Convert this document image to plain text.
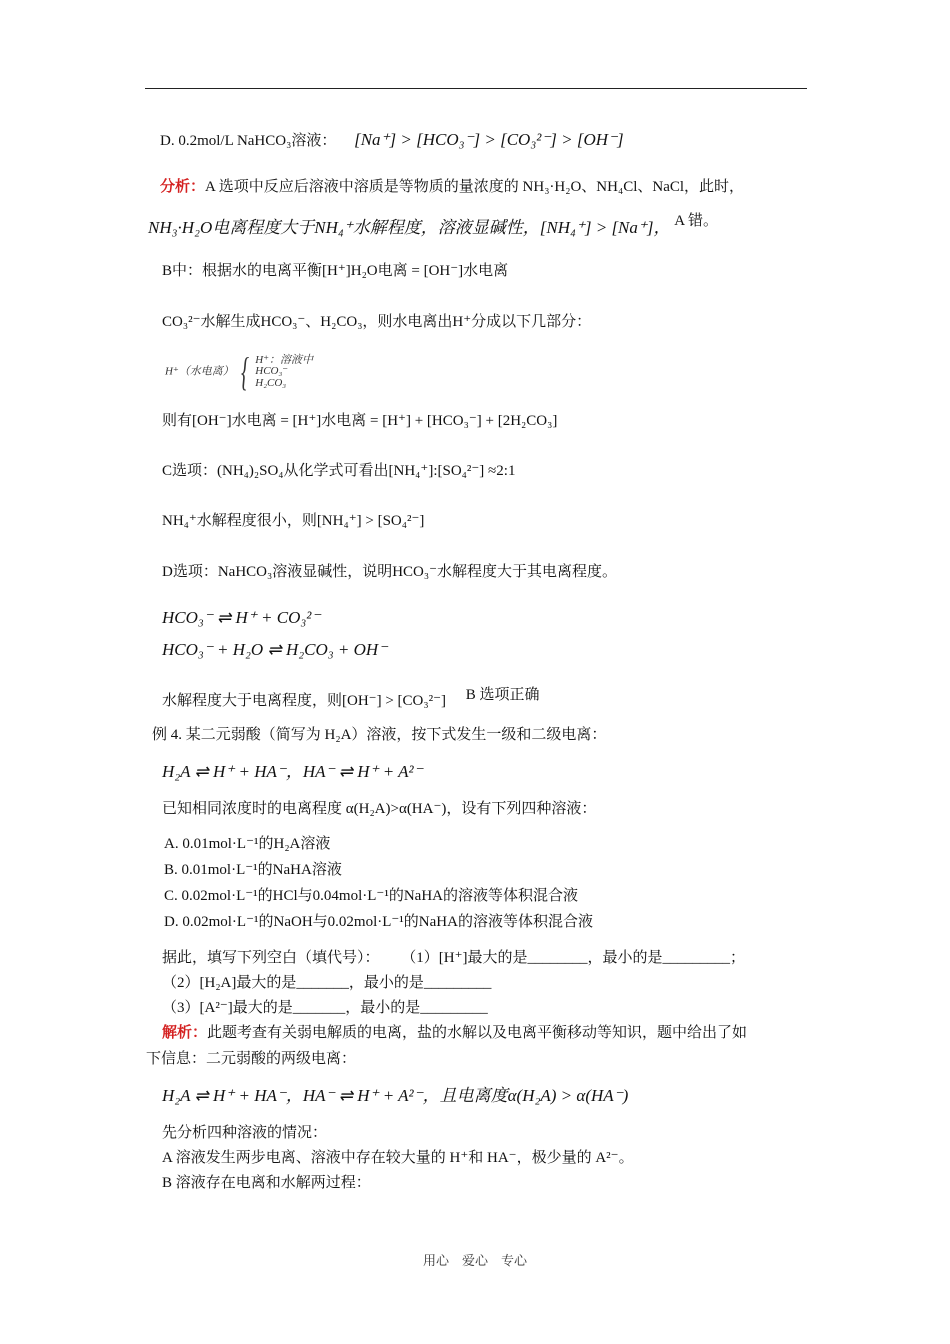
D. 0.2mol/L NaHCO₃溶液： [Na⁺] > [HCO₃⁻] > [CO₃²⁻] > [OH⁻]
分析：A 选项中反应后溶液中溶质是等物质的量浓度的 NH₃·H₂O、NH₄Cl、NaCl，此时，
NH₃·H₂O电离程度大于NH₄⁺水解程度，溶液显碱性，[NH₄⁺] > [Na⁺]， A 错。
B中：根据水的电离平衡[H⁺]H₂O电离 = [OH⁻]水电离
CO₃²⁻水解生成HCO₃⁻、H₂CO₃，则水电离出H⁺分成以下几部分：
H⁺（水电离） { H⁺：溶液中
HCO₃⁻
H₂CO₃
则有[OH⁻]水电离 = [H⁺]水电离 = [H⁺] + [HCO₃⁻] + [2H₂CO₃]
C选项：(NH₄)₂SO₄从化学式可看出[NH₄⁺]:[SO₄²⁻] ≈2:1
NH₄⁺水解程度很小，则[NH₄⁺] > [SO₄²⁻]
D选项：NaHCO₃溶液显碱性，说明HCO₃⁻水解程度大于其电离程度。
HCO₃⁻ ⇌ H⁺ + CO₃²⁻
HCO₃⁻ + H₂O ⇌ H₂CO₃ + OH⁻
水解程度大于电离程度，则[OH⁻] > [CO₃²⁻] B 选项正确
例 4. 某二元弱酸（简写为 H₂A）溶液，按下式发生一级和二级电离：
H₂A ⇌ H⁺ + HA⁻，HA⁻ ⇌ H⁺ + A²⁻
已知相同浓度时的电离程度 α(H₂A)>α(HA⁻)，设有下列四种溶液：
A. 0.01mol·L⁻¹的H₂A溶液
B. 0.01mol·L⁻¹的NaHA溶液
C. 0.02mol·L⁻¹的HCl与0.04mol·L⁻¹的NaHA的溶液等体积混合液
D. 0.02mol·L⁻¹的NaOH与0.02mol·L⁻¹的NaHA的溶液等体积混合液
据此，填写下列空白（填代号）： （1）[H⁺]最大的是________，最小的是_________；
（2）[H₂A]最大的是_______，最小的是_________
（3）[A²⁻]最大的是_______，最小的是_________
解析：此题考查有关弱电解质的电离，盐的水解以及电离平衡移动等知识，题中给出了如
下信息：二元弱酸的两级电离：
H₂A ⇌ H⁺ + HA⁻，HA⁻ ⇌ H⁺ + A²⁻，且电离度α(H₂A) > α(HA⁻)
先分析四种溶液的情况：
A 溶液发生两步电离、溶液中存在较大量的 H⁺和 HA⁻，极少量的 A²⁻。
B 溶液存在电离和水解两过程：
用心　爱心　专心
